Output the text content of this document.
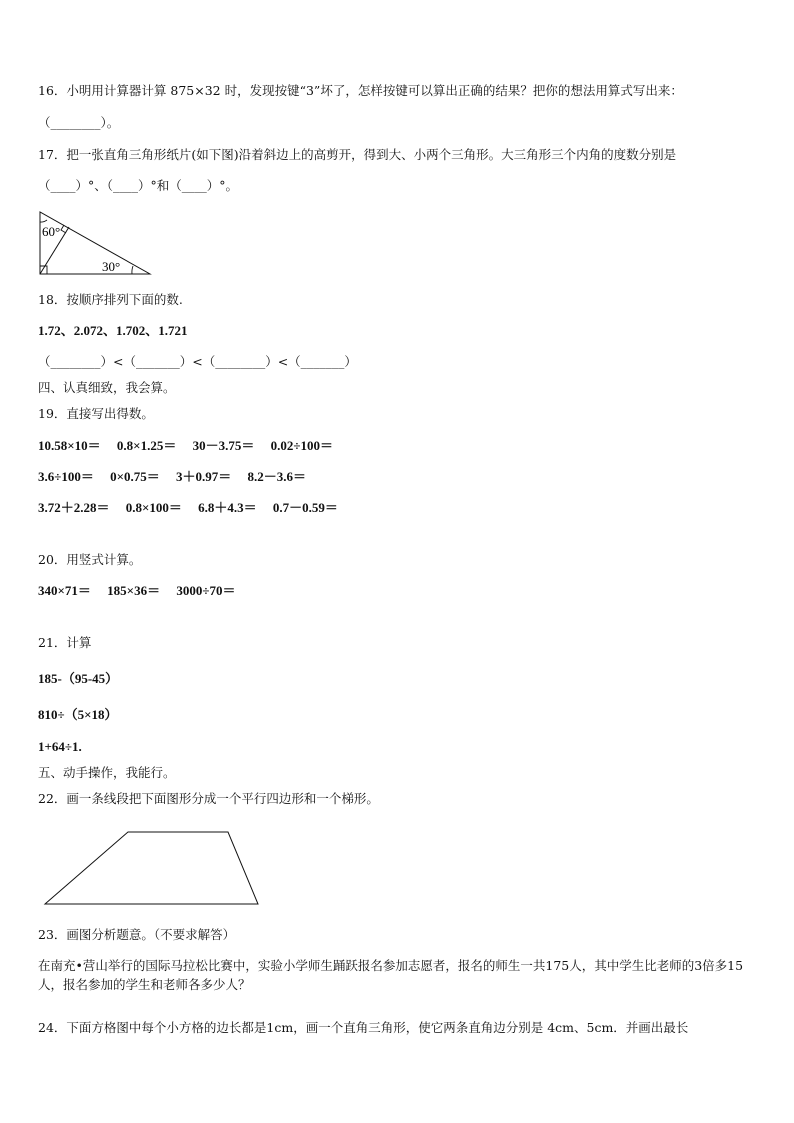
16．小明用计算器计算 875×32 时，发现按键“3”坏了，怎样按键可以算出正确的结果？把你的想法用算式写出来：
（________）。
17．把一张直角三角形纸片(如下图)沿着斜边上的高剪开，得到大、小两个三角形。大三角形三个内角的度数分别是
（____）°、（____）°和（____）°。
60°
30°
18．按顺序排列下面的数.
1.72、2.072、1.702、1.721
（________）<（_______）<（________）<（_______）
四、认真细致，我会算。
19．直接写出得数。
10.58×10＝     0.8×1.25＝     30－3.75＝     0.02÷100＝
3.6÷100＝     0×0.75＝     3＋0.97＝     8.2－3.6＝
3.72＋2.28＝     0.8×100＝     6.8＋4.3＝     0.7－0.59＝
20．用竖式计算。
340×71＝     185×36＝     3000÷70＝
21．计算
185-（95-45）
810÷（5×18）
1+64÷1.
五、动手操作，我能行。
22．画一条线段把下面图形分成一个平行四边形和一个梯形。
23．画图分析题意。（不要求解答）
在南充•营山举行的国际马拉松比赛中，实验小学师生踊跃报名参加志愿者，报名的师生一共175人，其中学生比老师的3倍多15人，报名参加的学生和老师各多少人？
24．下面方格图中每个小方格的边长都是1cm，画一个直角三角形，使它两条直角边分别是 4cm、5cm．并画出最长
